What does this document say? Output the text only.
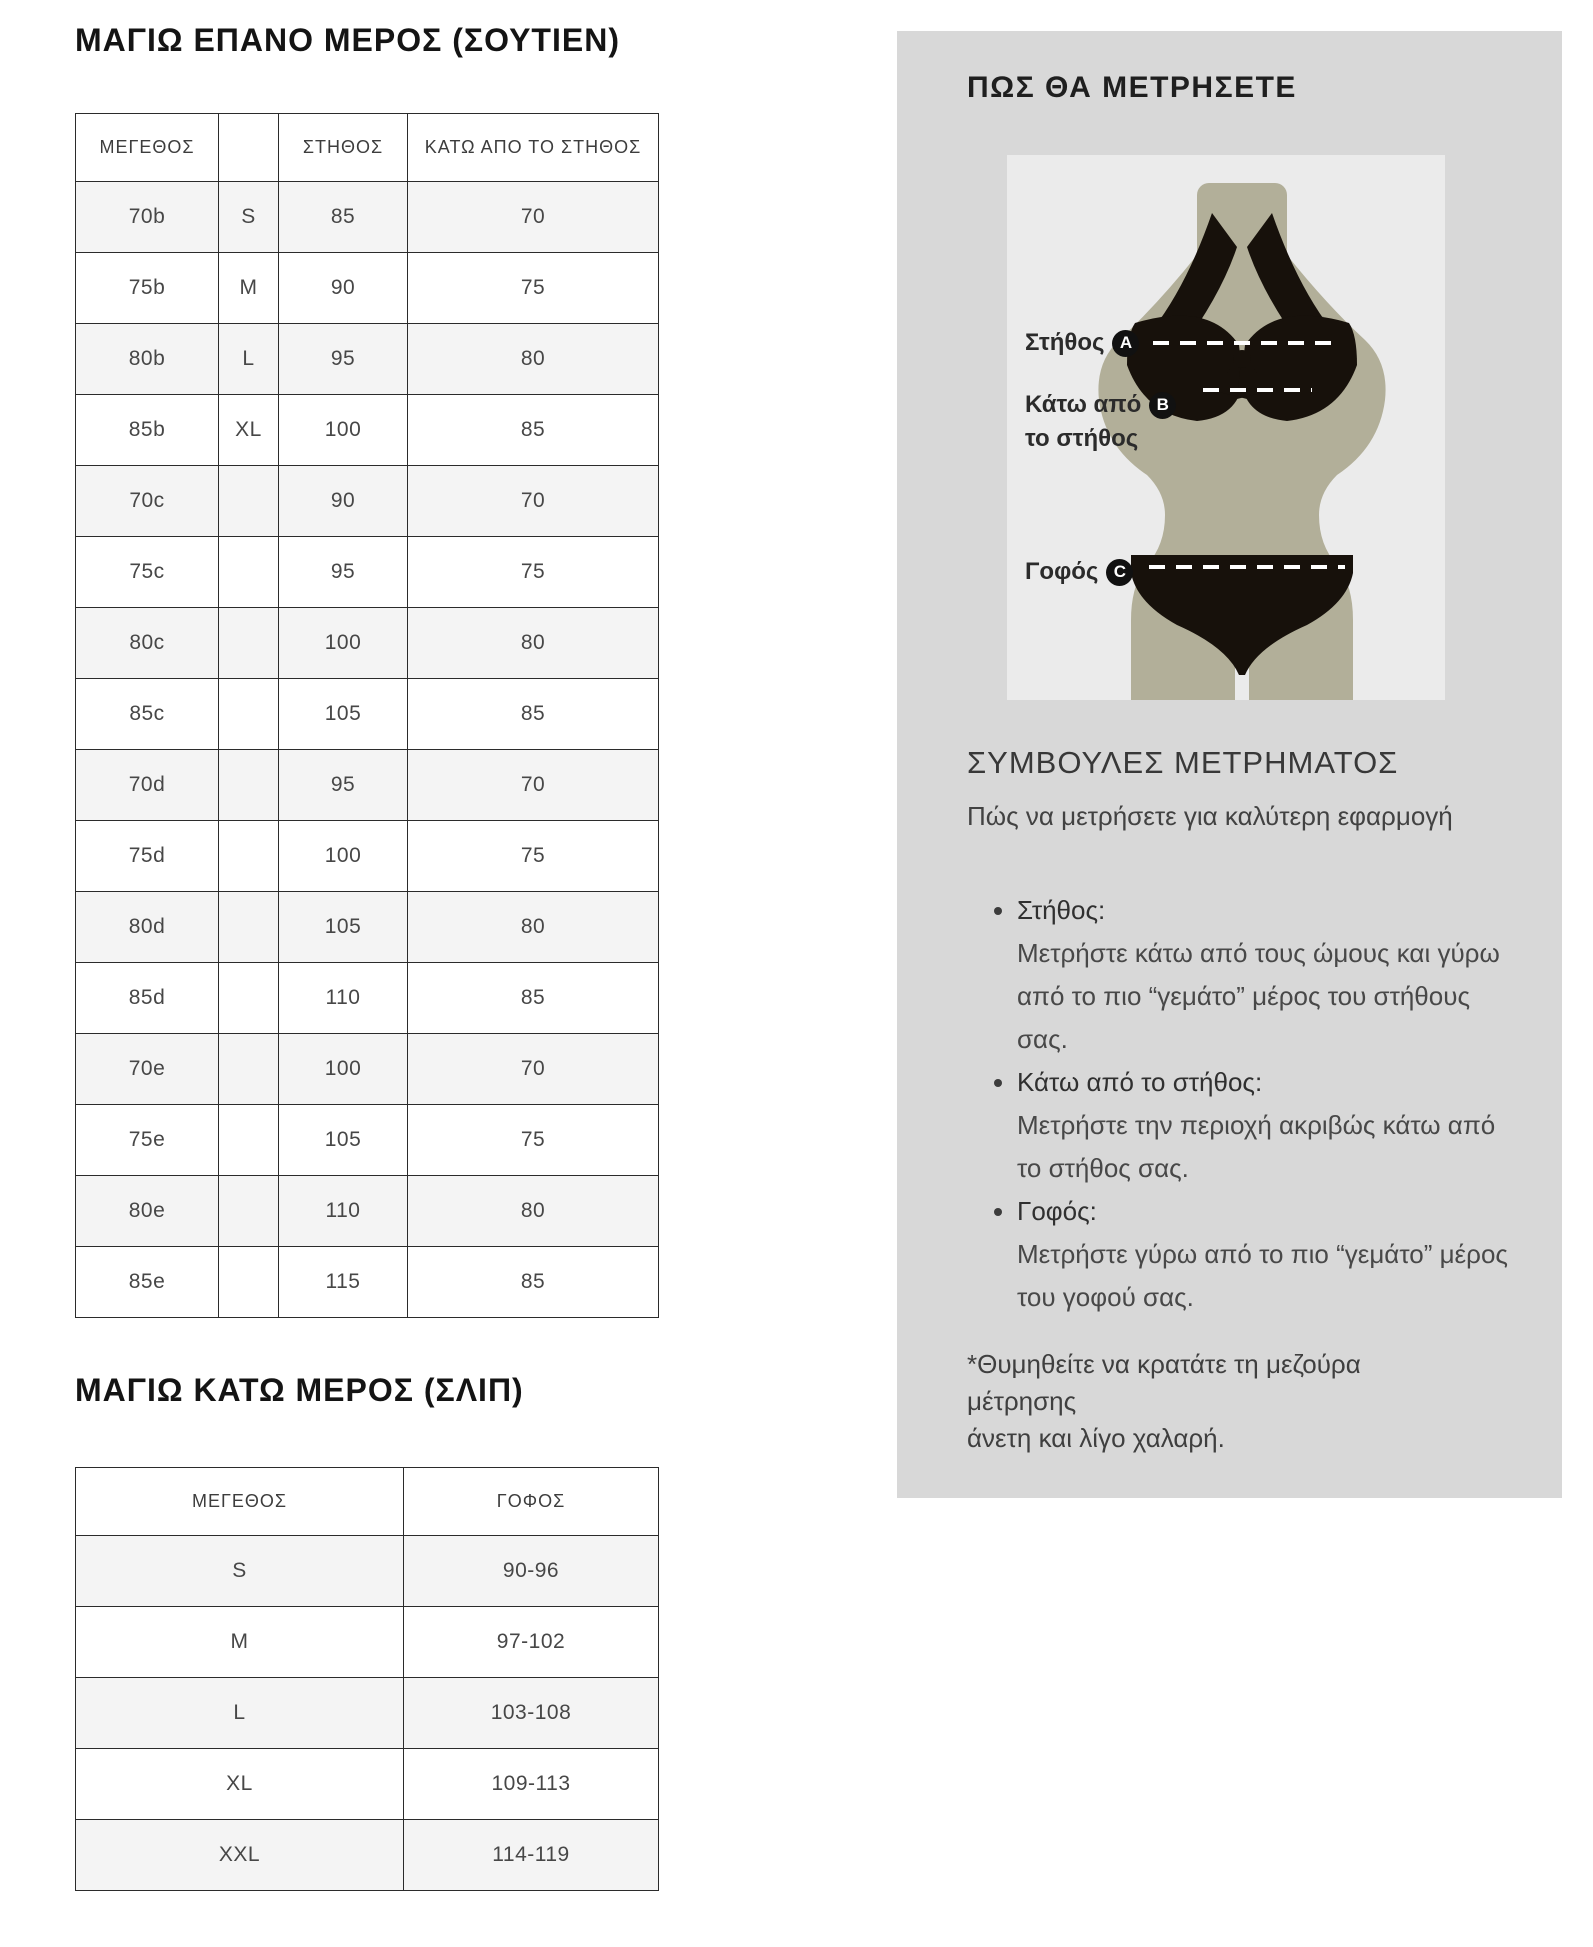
ΜΑΓΙΩ ΕΠΑΝΟ ΜΕΡΟΣ (ΣΟΥΤΙΕΝ)
ΜΕΓΕΘΟΣ		ΣΤΗΘΟΣ	ΚΑΤΩ ΑΠΟ ΤΟ ΣΤΗΘΟΣ
70b	S	85	70
75b	M	90	75
80b	L	95	80
85b	XL	100	85
70c		90	70
75c		95	75
80c		100	80
85c		105	85
70d		95	70
75d		100	75
80d		105	80
85d		110	85
70e		100	70
75e		105	75
80e		110	80
85e		115	85
ΜΑΓΙΩ ΚΑΤΩ ΜΕΡΟΣ (ΣΛΙΠ)
ΜΕΓΕΘΟΣ	ΓΟΦΟΣ
S	90-96
M	97-102
L	103-108
XL	109-113
XXL	114-119
ΠΩΣ ΘΑ ΜΕΤΡΗΣΕΤΕ
Στήθος A
Κάτω από B
το στήθος
Γοφός C
ΣΥΜΒΟΥΛΕΣ ΜΕΤΡΗΜΑΤΟΣ

Πώς να μετρήσετε για καλύτερη εφαρμογή

• Στήθος:
Μετρήστε κάτω από τους ώμους και γύρω από το πιο “γεμάτο” μέρος του στήθους σας.
• Κάτω από το στήθος:
Μετρήστε την περιοχή ακριβώς κάτω από το στήθος σας.
• Γοφός:
Μετρήστε γύρω από το πιο “γεμάτο” μέρος του γοφού σας.
*Θυμηθείτε να κρατάτε τη μεζούρα
μέτρησης
άνετη και λίγο χαλαρή.
